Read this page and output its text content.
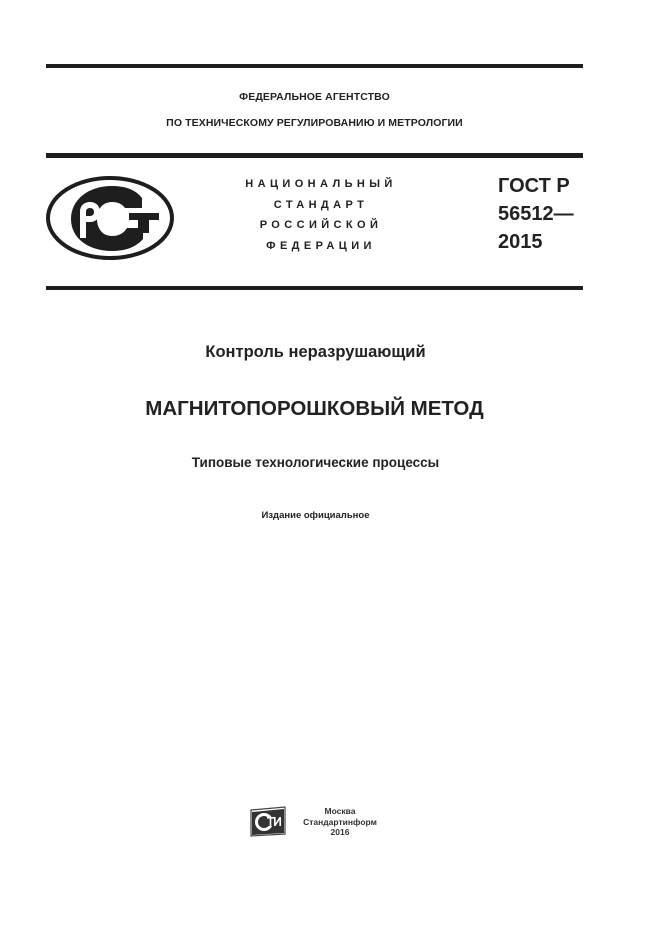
ФЕДЕРАЛЬНОЕ АГЕНТСТВО
ПО ТЕХНИЧЕСКОМУ РЕГУЛИРОВАНИЮ И МЕТРОЛОГИИ
НАЦИОНАЛЬНЫЙ
СТАНДАРТ
РОССИЙСКОЙ
ФЕДЕРАЦИИ
ГОСТ Р
56512—
2015
Контроль неразрушающий
МАГНИТОПОРОШКОВЫЙ МЕТОД
Типовые технологические процессы
Издание официальное
Москва
Стандартинформ
2016
